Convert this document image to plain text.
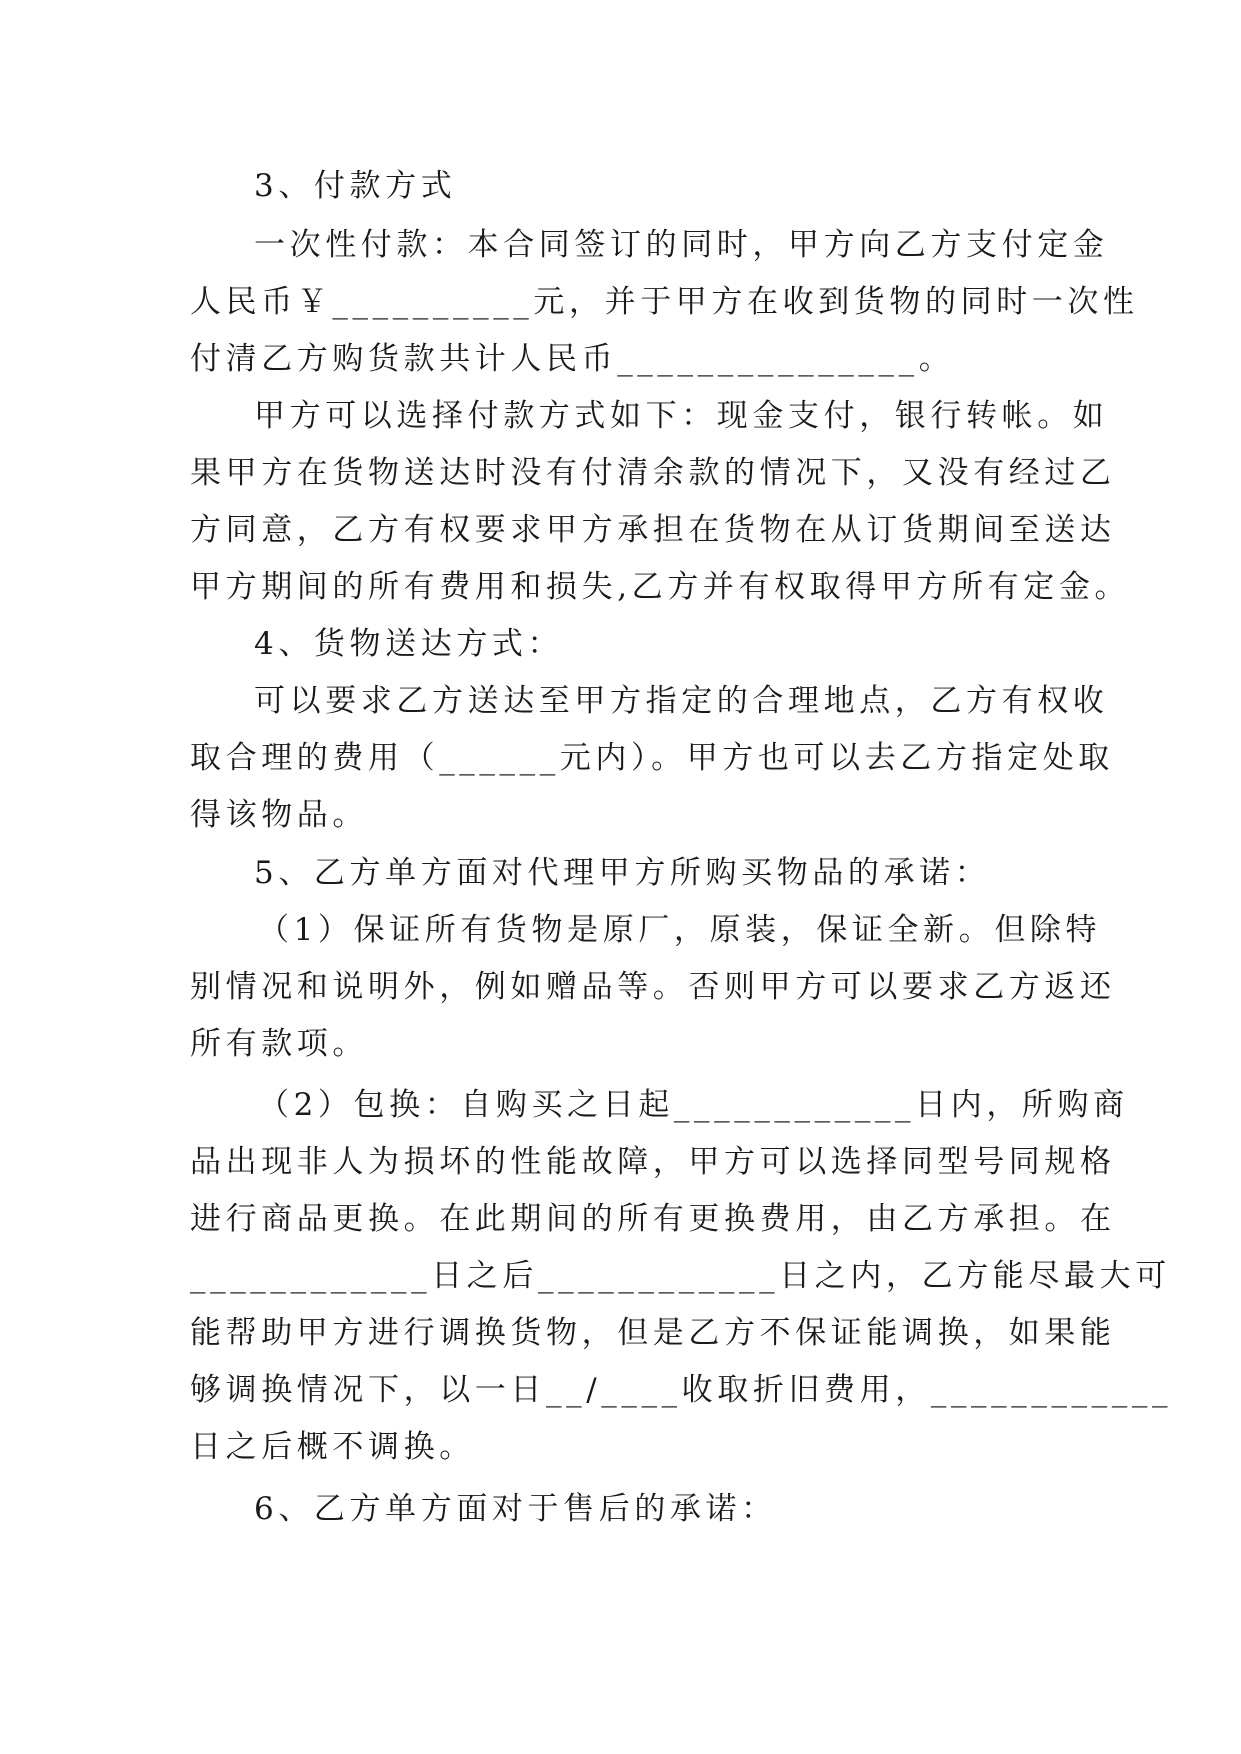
3、付款方式
一次性付款：本合同签订的同时，甲方向乙方支付定金
人民币￥__________元，并于甲方在收到货物的同时一次性
付清乙方购货款共计人民币_______________。
甲方可以选择付款方式如下：现金支付，银行转帐。如
果甲方在货物送达时没有付清余款的情况下，又没有经过乙
方同意，乙方有权要求甲方承担在货物在从订货期间至送达
甲方期间的所有费用和损失,乙方并有权取得甲方所有定金。
4、货物送达方式：
可以要求乙方送达至甲方指定的合理地点，乙方有权收
取合理的费用（______元内）。甲方也可以去乙方指定处取
得该物品。
5、乙方单方面对代理甲方所购买物品的承诺：
（1）保证所有货物是原厂，原装，保证全新。但除特
别情况和说明外，例如赠品等。否则甲方可以要求乙方返还
所有款项。
（2）包换：自购买之日起____________日内，所购商
品出现非人为损坏的性能故障，甲方可以选择同型号同规格
进行商品更换。在此期间的所有更换费用，由乙方承担。在
____________日之后____________日之内，乙方能尽最大可
能帮助甲方进行调换货物，但是乙方不保证能调换，如果能
够调换情况下，以一日__/____收取折旧费用，____________
日之后概不调换。
6、乙方单方面对于售后的承诺：
